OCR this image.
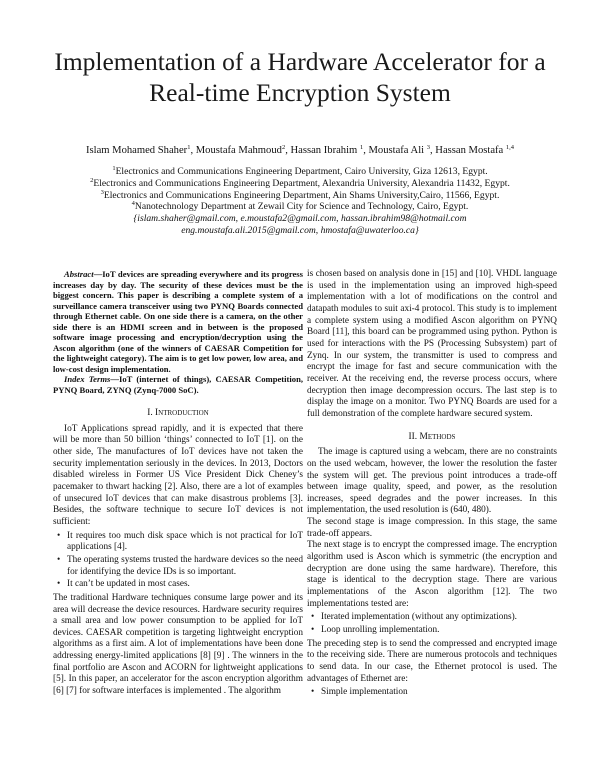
Implementation of a Hardware Accelerator for a
Real-time Encryption System
Islam Mohamed Shaher$^1$, Moustafa Mahmoud$^2$, Hassan Ibrahim $^1$, Moustafa Ali $^3$, Hassan Mostafa $^{1,4}$
$^1$Electronics and Communications Engineering Department, Cairo University, Giza 12613, Egypt.
$^2$Electronics and Communications Engineering Department, Alexandria University, Alexandria 11432, Egypt.
$^3$Electronics and Communications Engineering Department, Ain Shams University,Cairo, 11566, Egypt.
$^4$Nanotechnology Department at Zewail City for Science and Technology, Cairo, Egypt.
{islam.shaher@gmail.com, e.moustafa2@gmail.com, hassan.ibrahim98@hotmail.com
eng.moustafa.ali.2015@gmail.com, hmostafa@uwaterloo.ca}

Abstract—IoT devices are spreading everywhere and its progress increases day by day. The security of these devices must be the biggest concern. This paper is describing a complete system of a surveillance camera transceiver using two PYNQ Boards connected through Ethernet cable. On one side there is a camera, on the other side there is an HDMI screen and in between is the proposed software image processing and encryption/decryption using the Ascon algorithm (one of the winners of CAESAR Competition for the lightweight category). The aim is to get low power, low area, and low-cost design implementation.

Index Terms—IoT (internet of things), CAESAR Competition, PYNQ Board, ZYNQ (Zynq-7000 SoC).

I. Introduction

IoT Applications spread rapidly, and it is expected that there will be more than 50 billion ‘things’ connected to IoT [1]. on the other side, The manufactures of IoT devices have not taken the security implementation seriously in the devices. In 2013, Doctors disabled wireless in Former US Vice President Dick Cheney’s pacemaker to thwart hacking [2]. Also, there are a lot of examples of unsecured IoT devices that can make disastrous problems [3]. Besides, the software technique to secure IoT devices is not sufficient:

• It requires too much disk space which is not practical for IoT applications [4].
• The operating systems trusted the hardware devices so the need for identifying the device IDs is so important.
• It can’t be updated in most cases.

The traditional Hardware techniques consume large power and its area will decrease the device resources. Hardware security requires a small area and low power consumption to be applied for IoT devices. CAESAR competition is targeting lightweight encryption algorithms as a first aim. A lot of implementations have been done addressing energy-limited applications [8] [9] . The winners in the final portfolio are Ascon and ACORN for lightweight applications [5]. In this paper, an accelerator for the ascon encryption algorithm [6] [7] for software interfaces is implemented . The algorithm

is chosen based on analysis done in [15] and [10]. VHDL language is used in the implementation using an improved high-speed implementation with a lot of modifications on the control and datapath modules to suit axi-4 protocol. This study is to implement a complete system using a modified Ascon algorithm on PYNQ Board [11], this board can be programmed using python. Python is used for interactions with the PS (Processing Subsystem) part of Zynq. In our system, the transmitter is used to compress and encrypt the image for fast and secure communication with the receiver. At the receiving end, the reverse process occurs, where decryption then image decompression occurs. The last step is to display the image on a monitor. Two PYNQ Boards are used for a full demonstration of the complete hardware secured system.

II. Methods

The image is captured using a webcam, there are no constraints on the used webcam, however, the lower the resolution the faster the system will get. The previous point introduces a trade-off between image quality, speed, and power, as the resolution increases, speed degrades and the power increases. In this implementation, the used resolution is (640, 480).

The second stage is image compression. In this stage, the same trade-off appears.

The next stage is to encrypt the compressed image. The encryption algorithm used is Ascon which is symmetric (the encryption and decryption are done using the same hardware). Therefore, this stage is identical to the decryption stage. There are various implementations of the Ascon algorithm [12]. The two implementations tested are:

• Iterated implementation (without any optimizations).
• Loop unrolling implementation.

The preceding step is to send the compressed and encrypted image to the receiving side. There are numerous protocols and techniques to send data. In our case, the Ethernet protocol is used. The advantages of Ethernet are:

• Simple implementation
